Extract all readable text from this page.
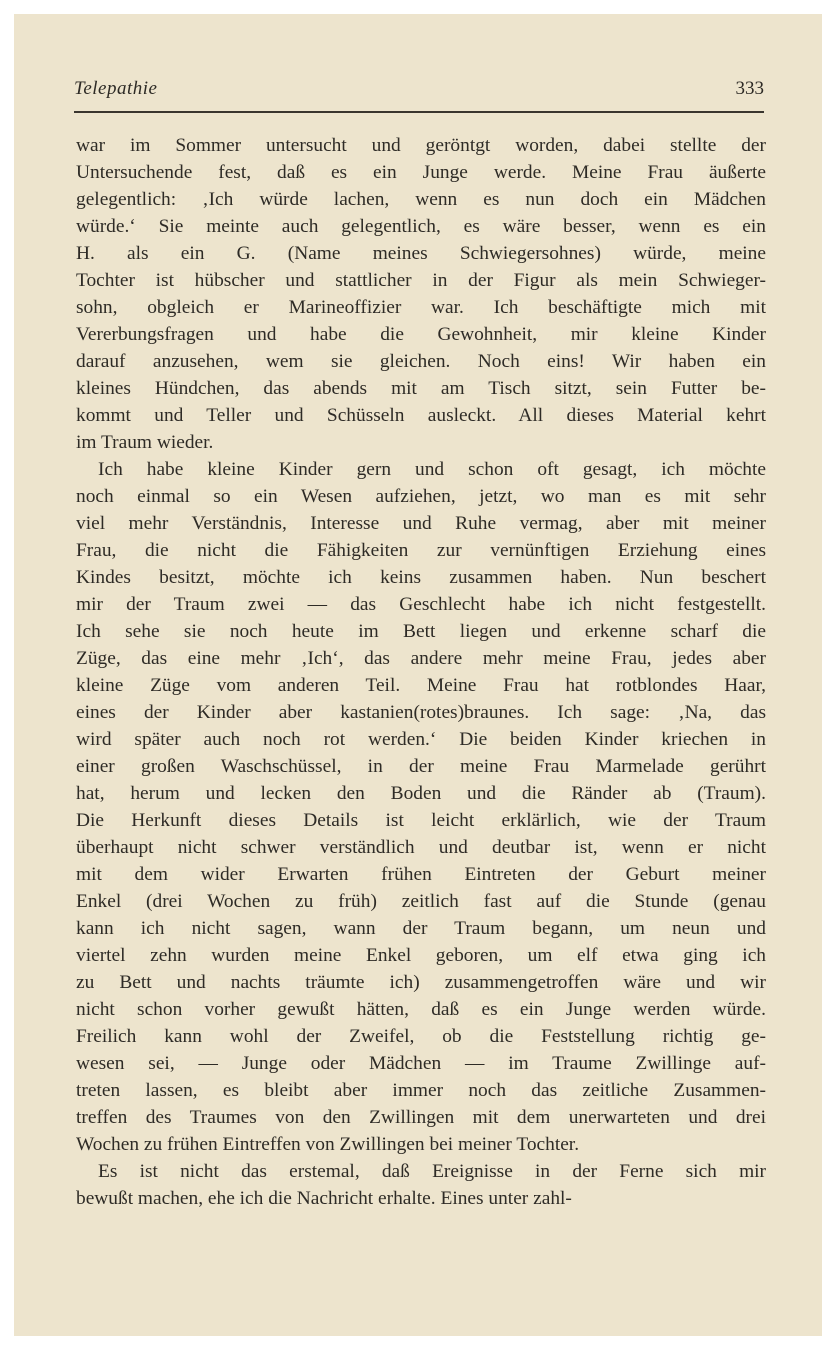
Telepathie	333
war im Sommer untersucht und geröntgt worden, dabei stellte der
Untersuchende fest, daß es ein Junge werde. Meine Frau äußerte
gelegentlich: ‚Ich würde lachen, wenn es nun doch ein Mädchen
würde.‘ Sie meinte auch gelegentlich, es wäre besser, wenn es ein
H. als ein G. (Name meines Schwiegersohnes) würde, meine
Tochter ist hübscher und stattlicher in der Figur als mein Schwieger-
sohn, obgleich er Marineoffizier war. Ich beschäftigte mich mit
Vererbungsfragen und habe die Gewohnheit, mir kleine Kinder
darauf anzusehen, wem sie gleichen. Noch eins! Wir haben ein
kleines Hündchen, das abends mit am Tisch sitzt, sein Futter be-
kommt und Teller und Schüsseln ausleckt. All dieses Material kehrt
im Traum wieder.
Ich habe kleine Kinder gern und schon oft gesagt, ich möchte
noch einmal so ein Wesen aufziehen, jetzt, wo man es mit sehr
viel mehr Verständnis, Interesse und Ruhe vermag, aber mit meiner
Frau, die nicht die Fähigkeiten zur vernünftigen Erziehung eines
Kindes besitzt, möchte ich keins zusammen haben. Nun beschert
mir der Traum zwei — das Geschlecht habe ich nicht festgestellt.
Ich sehe sie noch heute im Bett liegen und erkenne scharf die
Züge, das eine mehr ‚Ich‘, das andere mehr meine Frau, jedes aber
kleine Züge vom anderen Teil. Meine Frau hat rotblondes Haar,
eines der Kinder aber kastanien(rotes)braunes. Ich sage: ‚Na, das
wird später auch noch rot werden.‘ Die beiden Kinder kriechen in
einer großen Waschschüssel, in der meine Frau Marmelade gerührt
hat, herum und lecken den Boden und die Ränder ab (Traum).
Die Herkunft dieses Details ist leicht erklärlich, wie der Traum
überhaupt nicht schwer verständlich und deutbar ist, wenn er nicht
mit dem wider Erwarten frühen Eintreten der Geburt meiner
Enkel (drei Wochen zu früh) zeitlich fast auf die Stunde (genau
kann ich nicht sagen, wann der Traum begann, um neun und
viertel zehn wurden meine Enkel geboren, um elf etwa ging ich
zu Bett und nachts träumte ich) zusammengetroffen wäre und wir
nicht schon vorher gewußt hätten, daß es ein Junge werden würde.
Freilich kann wohl der Zweifel, ob die Feststellung richtig ge-
wesen sei, — Junge oder Mädchen — im Traume Zwillinge auf-
treten lassen, es bleibt aber immer noch das zeitliche Zusammen-
treffen des Traumes von den Zwillingen mit dem unerwarteten und drei
Wochen zu frühen Eintreffen von Zwillingen bei meiner Tochter.
Es ist nicht das erstemal, daß Ereignisse in der Ferne sich mir
bewußt machen, ehe ich die Nachricht erhalte. Eines unter zahl-
